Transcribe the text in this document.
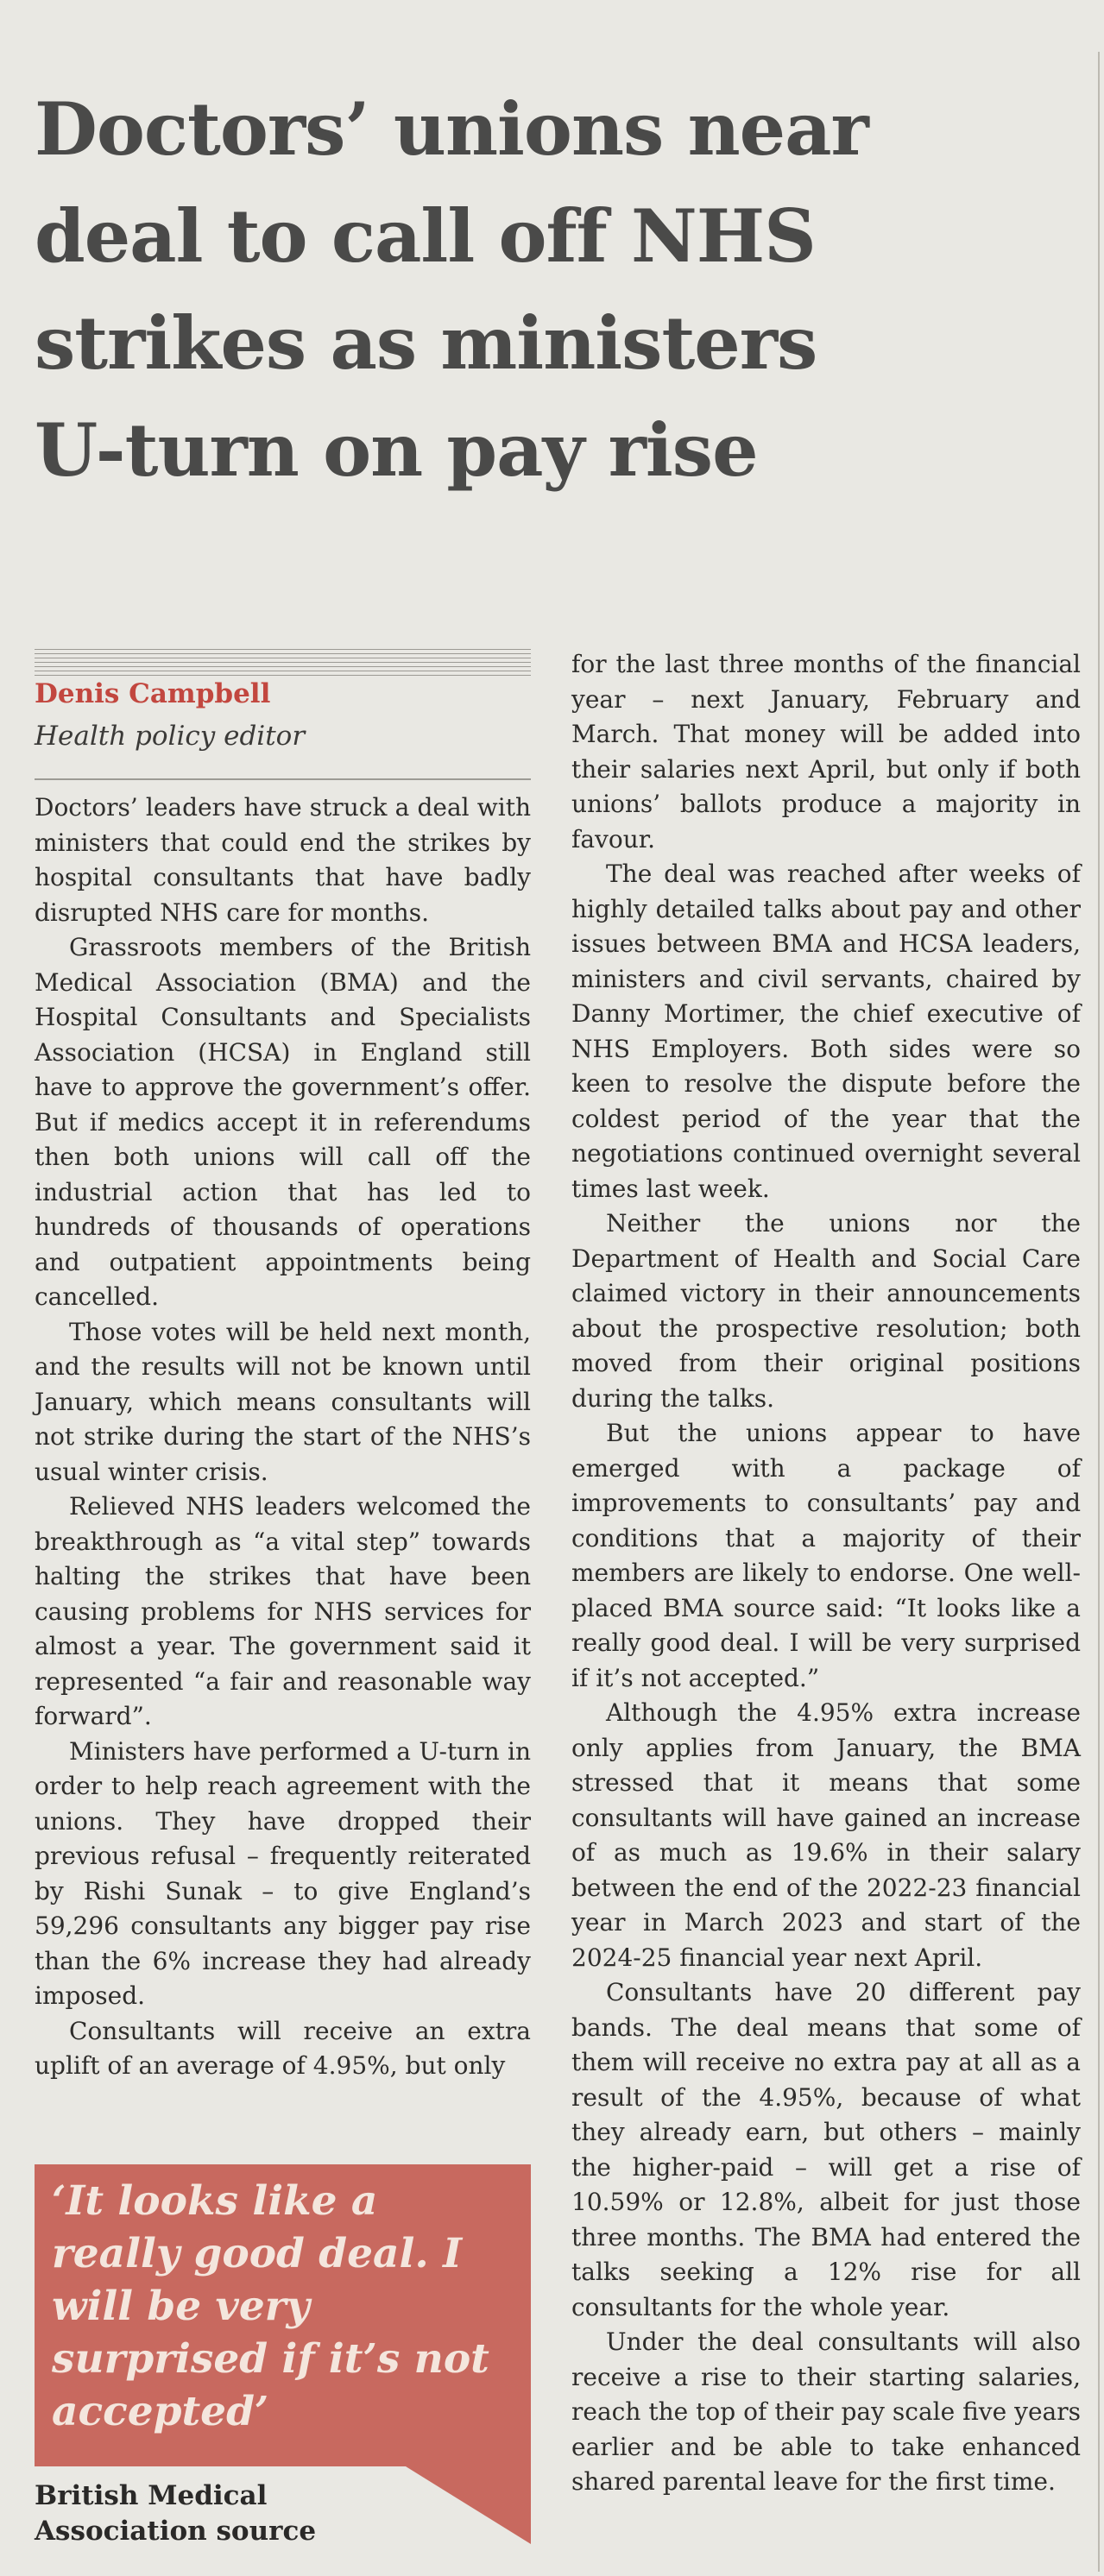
Doctors’ unions near
deal to call off NHS
strikes as ministers
U-turn on pay rise

Denis Campbell

Health policy editor

Doctors’ leaders have struck a deal with ministers that could end the strikes by hospital consultants that have badly disrupted NHS care for months.

Grassroots members of the British Medical Association (BMA) and the Hospital Consultants and Specialists Association (HCSA) in England still have to approve the government’s offer. But if medics accept it in referendums then both unions will call off the industrial action that has led to hundreds of thousands of operations and outpatient appointments being cancelled.

Those votes will be held next month, and the results will not be known until January, which means consultants will not strike during the start of the NHS’s usual winter crisis.

Relieved NHS leaders welcomed the breakthrough as “a vital step” towards halting the strikes that have been causing problems for NHS services for almost a year. The government said it represented “a fair and reasonable way forward”.

Ministers have performed a U-turn in order to help reach agreement with the unions. They have dropped their previous refusal – frequently reiterated by Rishi Sunak – to give England’s 59,296 consultants any bigger pay rise than the 6% increase they had already imposed.

Consultants will receive an extra uplift of an average of 4.95%, but only

for the last three months of the financial year – next January, February and March. That money will be added into their salaries next April, but only if both unions’ ballots produce a majority in favour.

The deal was reached after weeks of highly detailed talks about pay and other issues between BMA and HCSA leaders, ministers and civil servants, chaired by Danny Mortimer, the chief executive of NHS Employers. Both sides were so keen to resolve the dispute before the coldest period of the year that the negotiations continued overnight several times last week.

Neither the unions nor the Department of Health and Social Care claimed victory in their announcements about the prospective resolution; both moved from their original positions during the talks.

But the unions appear to have emerged with a package of improvements to consultants’ pay and conditions that a majority of their members are likely to endorse. One well-placed BMA source said: “It looks like a really good deal. I will be very surprised if it’s not accepted.”

Although the 4.95% extra increase only applies from January, the BMA stressed that it means that some consultants will have gained an increase of as much as 19.6% in their salary between the end of the 2022-23 financial year in March 2023 and start of the 2024-25 financial year next April.

Consultants have 20 different pay bands. The deal means that some of them will receive no extra pay at all as a result of the 4.95%, because of what they already earn, but others – mainly the higher-paid – will get a rise of 10.59% or 12.8%, albeit for just those three months. The BMA had entered the talks seeking a 12% rise for all consultants for the whole year.

Under the deal consultants will also receive a rise to their starting salaries, reach the top of their pay scale five years earlier and be able to take enhanced shared parental leave for the first time.

‘It looks like a really good deal. I will be very surprised if it’s not accepted’

British Medical Association source
